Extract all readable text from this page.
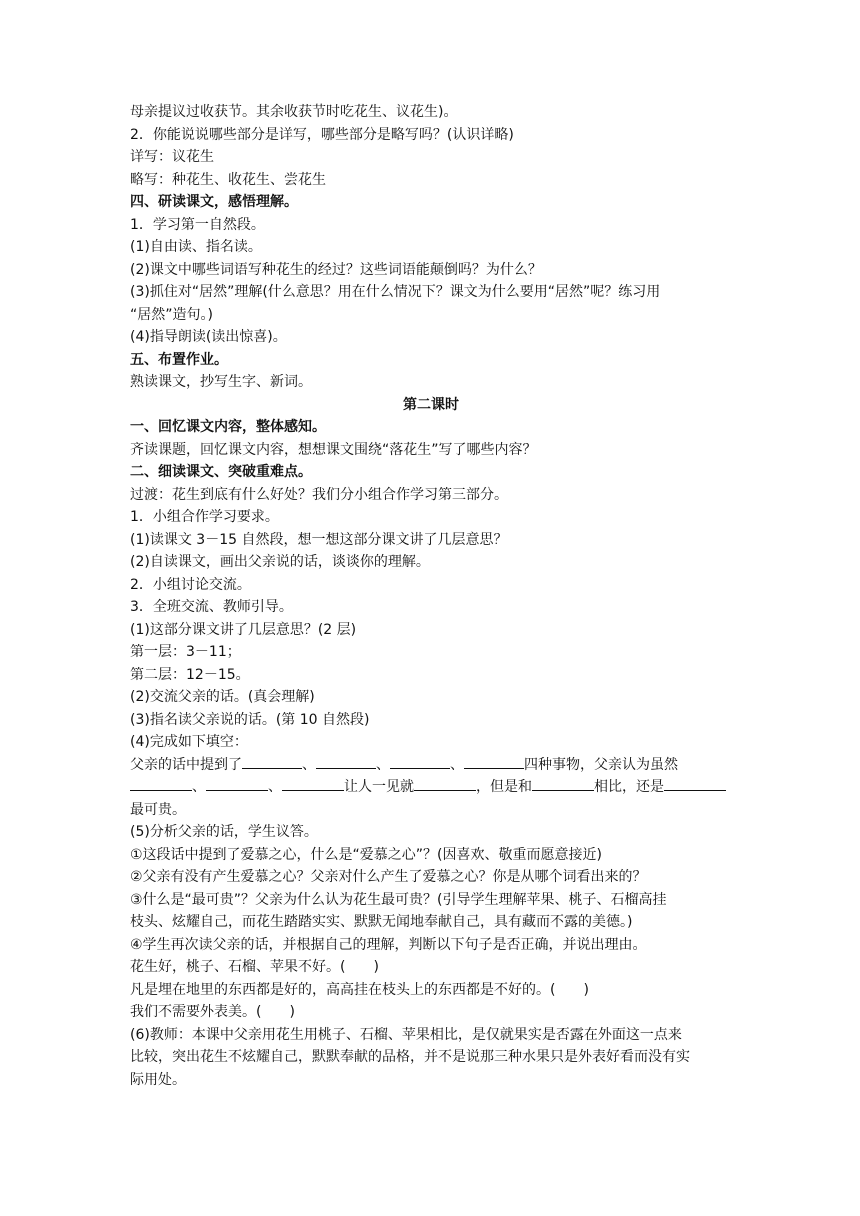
母亲提议过收获节。其余收获节时吃花生、议花生)。

2．你能说说哪些部分是详写，哪些部分是略写吗？(认识详略)

详写：议花生

略写：种花生、收花生、尝花生

四、研读课文，感悟理解。

1．学习第一自然段。

(1)自由读、指名读。

(2)课文中哪些词语写种花生的经过？这些词语能颠倒吗？为什么？

(3)抓住对“居然”理解(什么意思？用在什么情况下？课文为什么要用“居然”呢？练习用

“居然”造句。)

(4)指导朗读(读出惊喜)。

五、布置作业。

熟读课文，抄写生字、新词。

第二课时

一、回忆课文内容，整体感知。

齐读课题，回忆课文内容，想想课文围绕“落花生”写了哪些内容？

二、细读课文、突破重难点。

过渡：花生到底有什么好处？我们分小组合作学习第三部分。

1．小组合作学习要求。

(1)读课文 3－15 自然段，想一想这部分课文讲了几层意思？

(2)自读课文，画出父亲说的话，谈谈你的理解。

2．小组讨论交流。

3．全班交流、教师引导。

(1)这部分课文讲了几层意思？(2 层)

第一层：3－11；

第二层：12－15。

(2)交流父亲的话。(真会理解)

(3)指名读父亲说的话。(第 10 自然段)

(4)完成如下填空：

父亲的话中提到了	、	、	、	四种事物，父亲认为虽然

、	、	让人一见就	，但是和	相比，还是

最可贵。

(5)分析父亲的话，学生议答。

①这段话中提到了爱慕之心，什么是“爱慕之心”？(因喜欢、敬重而愿意接近)

②父亲有没有产生爱慕之心？父亲对什么产生了爱慕之心？你是从哪个词看出来的？

③什么是“最可贵”？父亲为什么认为花生最可贵？(引导学生理解苹果、桃子、石榴高挂

枝头、炫耀自己，而花生踏踏实实、默默无闻地奉献自己，具有藏而不露的美德。)

④学生再次读父亲的话，并根据自己的理解，判断以下句子是否正确，并说出理由。

花生好，桃子、石榴、苹果不好。(　　)

凡是埋在地里的东西都是好的，高高挂在枝头上的东西都是不好的。(　　)

我们不需要外表美。(　　)

(6)教师：本课中父亲用花生用桃子、石榴、苹果相比，是仅就果实是否露在外面这一点来

比较，突出花生不炫耀自己，默默奉献的品格，并不是说那三种水果只是外表好看而没有实

际用处。
